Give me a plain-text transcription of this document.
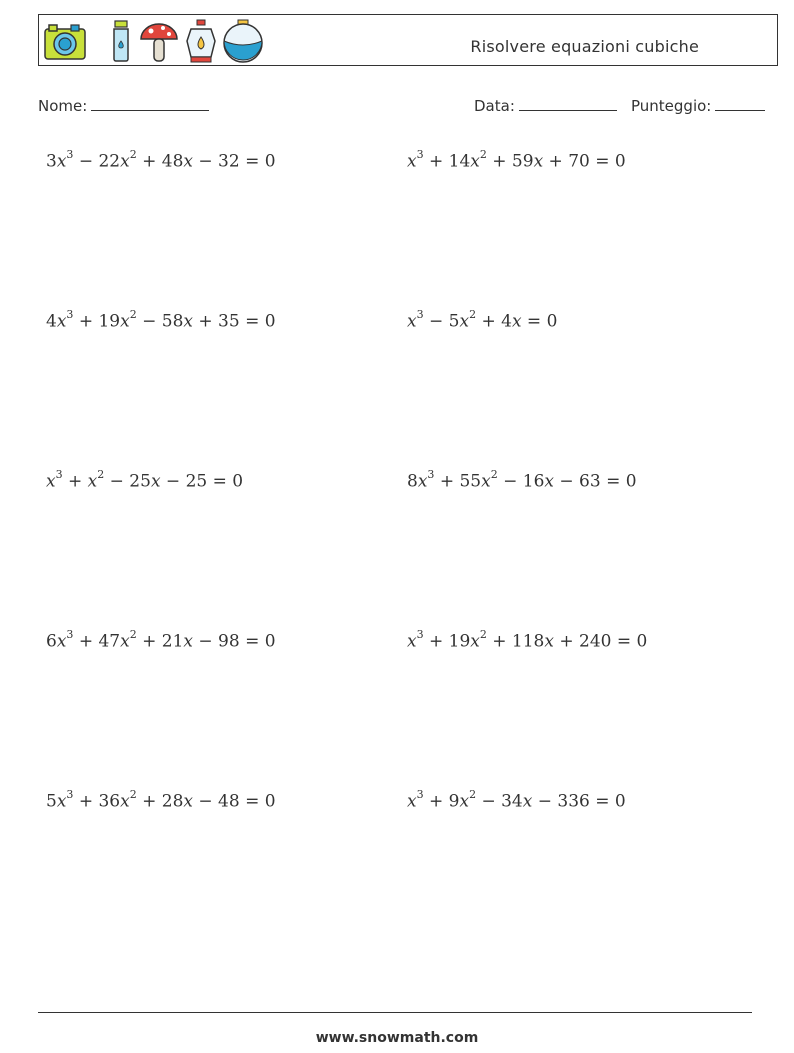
Risolvere equazioni cubiche
Nome:	Data:	Punteggio:
$3x^3 - 22x^2 + 48x - 32 = 0$	$x^3 + 14x^2 + 59x + 70 = 0$
$4x^3 + 19x^2 - 58x + 35 = 0$	$x^3 - 5x^2 + 4x = 0$
$x^3 + x^2 - 25x - 25 = 0$	$8x^3 + 55x^2 - 16x - 63 = 0$
$6x^3 + 47x^2 + 21x - 98 = 0$	$x^3 + 19x^2 + 118x + 240 = 0$
$5x^3 + 36x^2 + 28x - 48 = 0$	$x^3 + 9x^2 - 34x - 336 = 0$
www.snowmath.com
